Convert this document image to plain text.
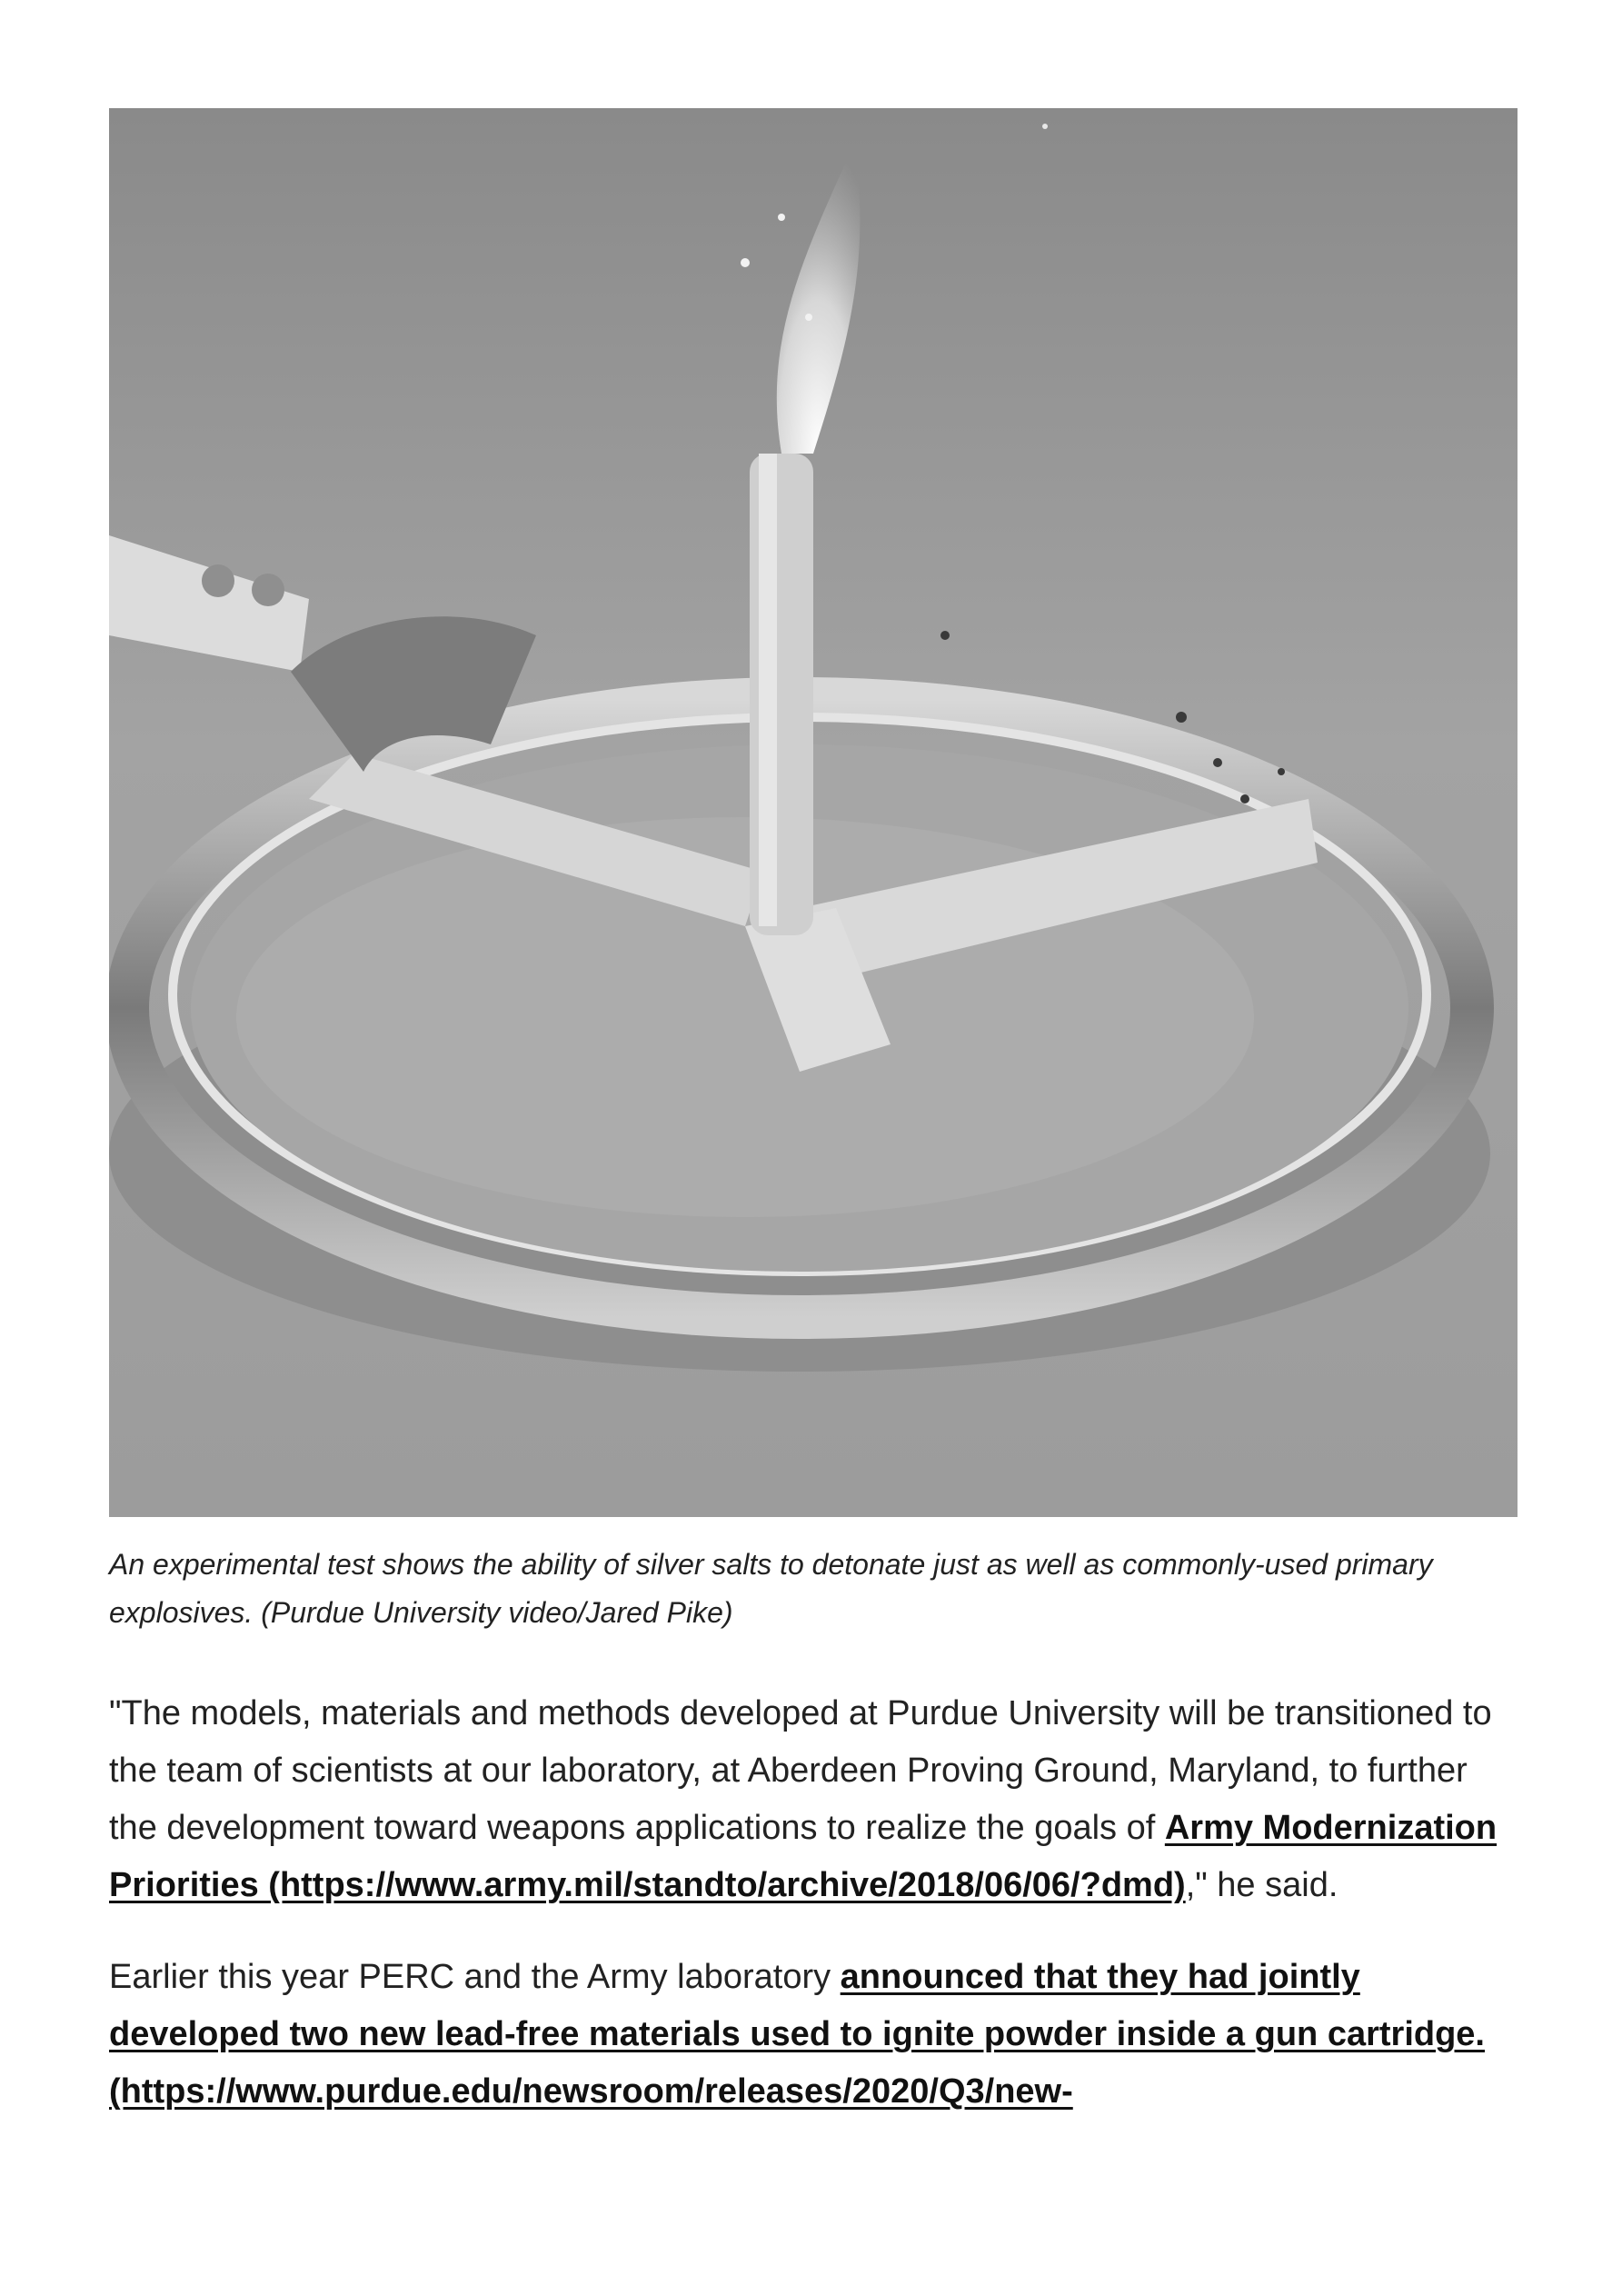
An experimental test shows the ability of silver salts to detonate just as well as commonly-used primary explosives. (Purdue University video/Jared Pike)

"The models, materials and methods developed at Purdue University will be transitioned to the team of scientists at our laboratory, at Aberdeen Proving Ground, Maryland, to further the development toward weapons applications to realize the goals of Army Modernization Priorities (https://www.army.mil/standto/archive/2018/06/06/?dmd)," he said.

Earlier this year PERC and the Army laboratory announced that they had jointly developed two new lead-free materials used to ignite powder inside a gun cartridge. (https://www.purdue.edu/newsroom/releases/2020/Q3/new-
